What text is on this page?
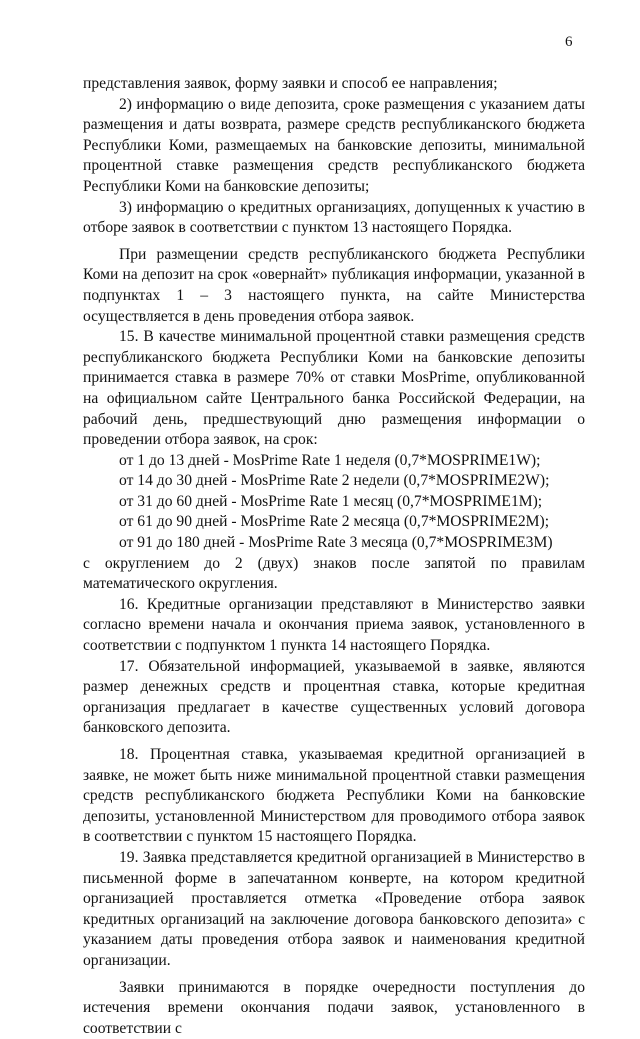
6

представления заявок, форму заявки и способ ее направления;

2) информацию о виде депозита, сроке размещения с указанием даты размещения и даты возврата, размере средств республиканского бюджета Республики Коми, размещаемых на банковские депозиты, минимальной процентной ставке размещения средств республиканского бюджета Республики Коми на банковские депозиты;

3) информацию о кредитных организациях, допущенных к участию в отборе заявок в соответствии с пунктом 13 настоящего Порядка.

При размещении средств республиканского бюджета Республики Коми на депозит на срок «овернайт» публикация информации, указанной в подпунктах 1 – 3 настоящего пункта, на сайте Министерства осуществляется в день проведения отбора заявок.

15. В качестве минимальной процентной ставки размещения средств республиканского бюджета Республики Коми на банковские депозиты принимается ставка в размере 70% от ставки MosPrime, опубликованной на официальном сайте Центрального банка Российской Федерации, на рабочий день, предшествующий дню размещения информации о проведении отбора заявок, на срок:

от 1 до 13 дней - MosPrime Rate 1 неделя (0,7*MOSPRIME1W);

от 14 до 30 дней - MosPrime Rate 2 недели (0,7*MOSPRIME2W);

от 31 до 60 дней - MosPrime Rate 1 месяц (0,7*MOSPRIME1M);

от 61 до 90 дней - MosPrime Rate 2 месяца (0,7*MOSPRIME2M);

от 91 до 180 дней - MosPrime Rate 3 месяца (0,7*MOSPRIME3M)

с округлением до 2 (двух) знаков после запятой по правилам математического округления.

16. Кредитные организации представляют в Министерство заявки согласно времени начала и окончания приема заявок, установленного в соответствии с подпунктом 1 пункта 14 настоящего Порядка.

17. Обязательной информацией, указываемой в заявке, являются размер денежных средств и процентная ставка, которые кредитная организация предлагает в качестве существенных условий договора банковского депозита.

18. Процентная ставка, указываемая кредитной организацией в заявке, не может быть ниже минимальной процентной ставки размещения средств республиканского бюджета Республики Коми на банковские депозиты, установленной Министерством для проводимого отбора заявок в соответствии с пунктом 15 настоящего Порядка.

19. Заявка представляется кредитной организацией в Министерство в письменной форме в запечатанном конверте, на котором кредитной организацией проставляется отметка «Проведение отбора заявок кредитных организаций на заключение договора банковского депозита» с указанием даты проведения отбора заявок и наименования кредитной организации.

Заявки принимаются в порядке очередности поступления до истечения времени окончания подачи заявок, установленного в соответствии с
